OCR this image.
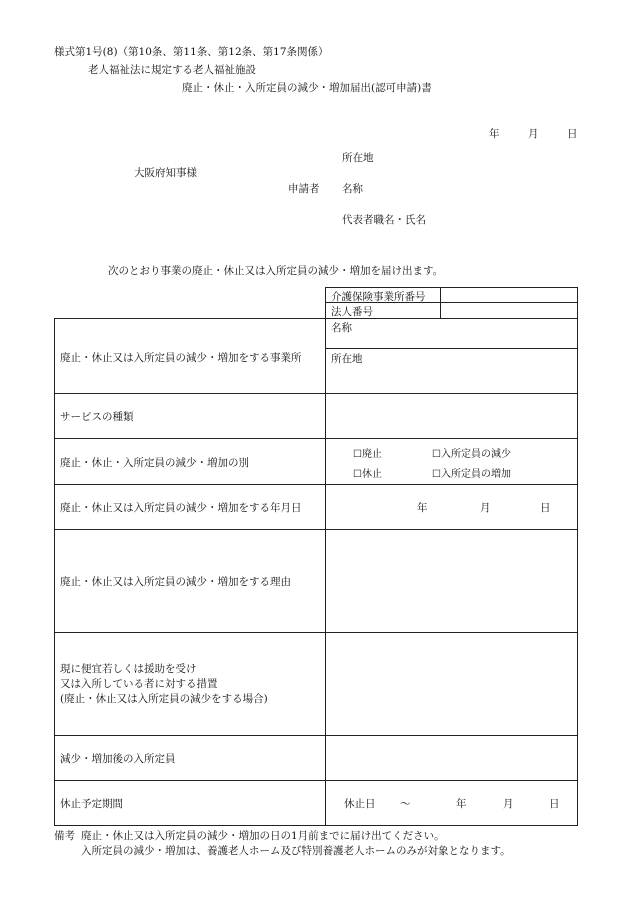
様式第1号(8)（第10条、第11条、第12条、第17条関係）
老人福祉法に規定する老人福祉施設
廃止・休止・入所定員の減少・増加届出(認可申請)書
年	月	日
所在地
大阪府知事様
申請者 名称
代表者職名・氏名
次のとおり事業の廃止・休止又は入所定員の減少・増加を届け出ます。
介護保険事業所番号
法人番号
廃止・休止又は入所定員の減少・増加をする事業所
名称
所在地
サービスの種類
廃止・休止・入所定員の減少・増加の別
☐廃止	☐入所定員の減少
☐休止	☐入所定員の増加
廃止・休止又は入所定員の減少・増加をする年月日	年	月	日
廃止・休止又は入所定員の減少・増加をする理由
現に便宜若しくは援助を受け
又は入所している者に対する措置
(廃止・休止又は入所定員の減少をする場合)
減少・増加後の入所定員
休止予定期間	休止日 〜	年	月	日
備考 廃止・休止又は入所定員の減少・増加の日の1月前までに届け出てください。
入所定員の減少・増加は、養護老人ホーム及び特別養護老人ホームのみが対象となります。
